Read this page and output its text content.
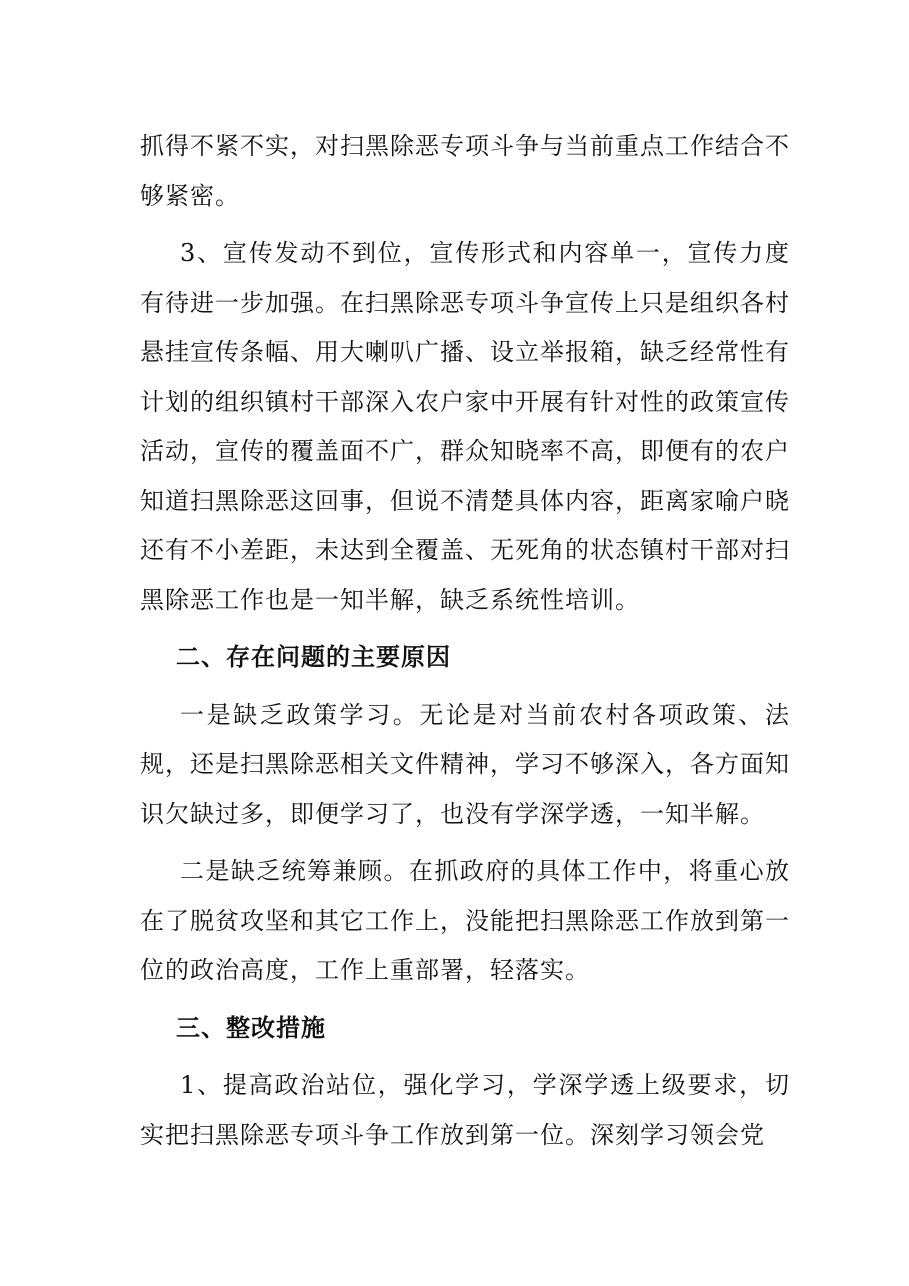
抓得不紧不实，对扫黑除恶专项斗争与当前重点工作结合不够紧密。

3、宣传发动不到位，宣传形式和内容单一，宣传力度有待进一步加强。在扫黑除恶专项斗争宣传上只是组织各村悬挂宣传条幅、用大喇叭广播、设立举报箱，缺乏经常性有计划的组织镇村干部深入农户家中开展有针对性的政策宣传活动，宣传的覆盖面不广，群众知晓率不高，即便有的农户知道扫黑除恶这回事，但说不清楚具体内容，距离家喻户晓还有不小差距，未达到全覆盖、无死角的状态镇村干部对扫黑除恶工作也是一知半解，缺乏系统性培训。

二、存在问题的主要原因

一是缺乏政策学习。无论是对当前农村各项政策、法规，还是扫黑除恶相关文件精神，学习不够深入，各方面知识欠缺过多，即便学习了，也没有学深学透，一知半解。

二是缺乏统筹兼顾。在抓政府的具体工作中，将重心放在了脱贫攻坚和其它工作上，没能把扫黑除恶工作放到第一位的政治高度，工作上重部署，轻落实。

三、整改措施

1、提高政治站位，强化学习，学深学透上级要求，切实把扫黑除恶专项斗争工作放到第一位。深刻学习领会党
